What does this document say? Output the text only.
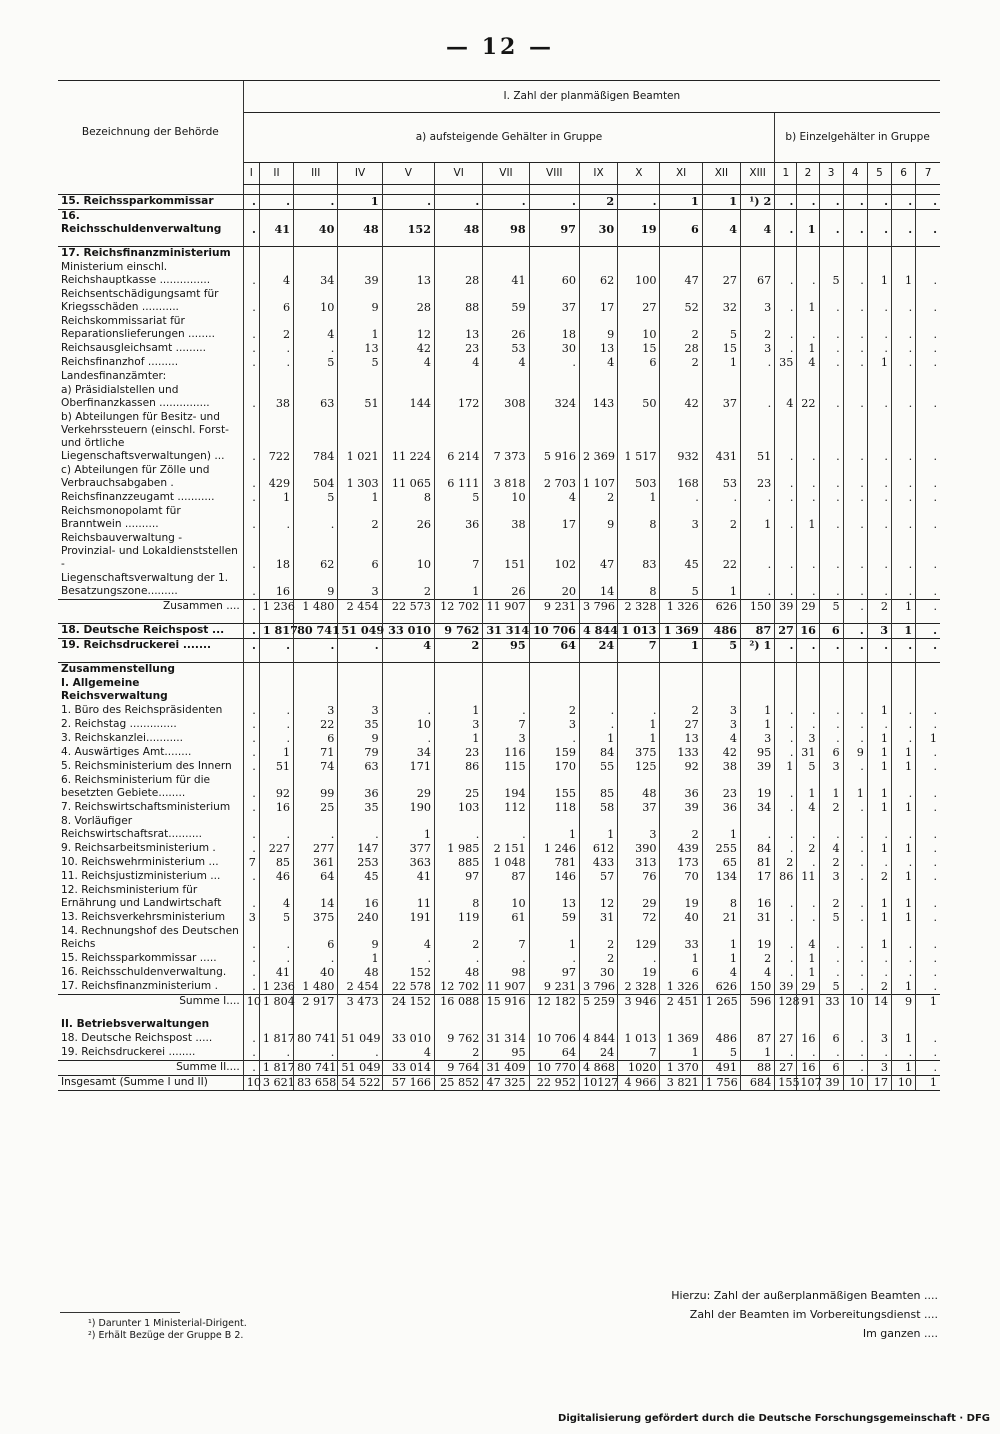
— 12 —
Bezeichnung der Behörde	I. Zahl der planmäßigen Beamten																			
	a) aufsteigende Gehälter in Gruppe													b) Einzelgehälter in Gruppe						
	I	II	III	IV	V	VI	VII	VIII	IX	X	XI	XII	XIII	1	2	3	4	5	6	7

15. Reichssparkommissar	.	.	.	1	.	.	.	.	2	.	1	1	¹) 2	.	.	.	.	.	.	.
16. Reichsschuldenverwaltung	.	41	40	48	152	48	98	97	30	19	6	4	4	.	1	.	.	.	.	.

17. Reichsfinanzministerium																				
Ministerium einschl. Reichshauptkasse ...............	.	4	34	39	13	28	41	60	62	100	47	27	67	.	.	5	.	1	1	.
Reichsentschädigungsamt für Kriegsschäden ...........	.	6	10	9	28	88	59	37	17	27	52	32	3	.	1	.	.	.	.	.
Reichskommissariat für Reparationslieferungen ........	.	2	4	1	12	13	26	18	9	10	2	5	2	.	.	.	.	.	.	.
Reichsausgleichsamt .........	.	.	.	13	42	23	53	30	13	15	28	15	3	.	1	.	.	.	.	.
Reichsfinanzhof .........	.	.	5	5	4	4	4	.	4	6	2	1	.	35	4	.	.	1	.	.
Landesfinanzämter:																				
a) Präsidialstellen und Oberfinanzkassen ...............	.	38	63	51	144	172	308	324	143	50	42	37	.	4	22	.	.	.	.	.
b) Abteilungen für Besitz- und Verkehrssteuern (einschl. Forst- und örtliche Liegenschaftsverwaltungen) ...	.	722	784	1 021	11 224	6 214	7 373	5 916	2 369	1 517	932	431	51	.	.	.	.	.	.	.
c) Abteilungen für Zölle und Verbrauchsabgaben .	.	429	504	1 303	11 065	6 111	3 818	2 703	1 107	503	168	53	23	.	.	.	.	.	.	.
Reichsfinanzzeugamt ...........	.	1	5	1	8	5	10	4	2	1	.	.	.	.	.	.	.	.	.	.
Reichsmonopolamt für Branntwein ..........	.	.	.	2	26	36	38	17	9	8	3	2	1	.	1	.	.	.	.	.
Reichsbauverwaltung - Provinzial- und Lokaldienststellen -	.	18	62	6	10	7	151	102	47	83	45	22	.	.	.	.	.	.	.	.
Liegenschaftsverwaltung der 1. Besatzungszone.........	.	16	9	3	2	1	26	20	14	8	5	1	.	.	.	.	.	.	.	.
Zusammen ....	.	1 236	1 480	2 454	22 573	12 702	11 907	9 231	3 796	2 328	1 326	626	150	39	29	5	.	2	1	.

18. Deutsche Reichspost ...	.	1 817	80 741	51 049	33 010	9 762	31 314	10 706	4 844	1 013	1 369	486	87	27	16	6	.	3	1	.
19. Reichsdruckerei .......	.	.	.	.	4	2	95	64	24	7	1	5	²) 1	.	.	.	.	.	.	.

Zusammenstellung																				
I. Allgemeine Reichsverwaltung																				
1. Büro des Reichspräsidenten	.	.	3	3	.	1	.	2	.	.	2	3	1	.	.	.	.	1	.	.
2. Reichstag ..............	.	.	22	35	10	3	7	3	.	1	27	3	1	.	.	.	.	.	.	.
3. Reichskanzlei...........	.	.	6	9	.	1	3	.	1	1	13	4	3	.	3	.	.	1	.	1
4. Auswärtiges Amt........	.	1	71	79	34	23	116	159	84	375	133	42	95	.	31	6	9	1	1	.
5. Reichsministerium des Innern	.	51	74	63	171	86	115	170	55	125	92	38	39	1	5	3	.	1	1	.
6. Reichsministerium für die besetzten Gebiete........	.	92	99	36	29	25	194	155	85	48	36	23	19	.	1	1	1	1	.	.
7. Reichswirtschaftsministerium	.	16	25	35	190	103	112	118	58	37	39	36	34	.	4	2	.	1	1	.
8. Vorläufiger Reichswirtschaftsrat..........	.	.	.	.	1	.	.	1	1	3	2	1	.	.	.	.	.	.	.	.
9. Reichsarbeitsministerium .	.	227	277	147	377	1 985	2 151	1 246	612	390	439	255	84	.	2	4	.	1	1	.
10. Reichswehrministerium ...	7	85	361	253	363	885	1 048	781	433	313	173	65	81	2	.	2	.	.	.	.
11. Reichsjustizministerium ...	.	46	64	45	41	97	87	146	57	76	70	134	17	86	11	3	.	2	1	.
12. Reichsministerium für Ernährung und Landwirtschaft	.	4	14	16	11	8	10	13	12	29	19	8	16	.	.	2	.	1	1	.
13. Reichsverkehrsministerium	3	5	375	240	191	119	61	59	31	72	40	21	31	.	.	5	.	1	1	.
14. Rechnungshof des Deutschen Reichs	.	.	6	9	4	2	7	1	2	129	33	1	19	.	4	.	.	1	.	.
15. Reichssparkommissar .....	.	.	.	1	.	.	.	.	2	.	1	1	2	.	1	.	.	.	.	.
16. Reichsschuldenverwaltung.	.	41	40	48	152	48	98	97	30	19	6	4	4	.	1	.	.	.	.	.
17. Reichsfinanzministerium .	.	1 236	1 480	2 454	22 578	12 702	11 907	9 231	3 796	2 328	1 326	626	150	39	29	5	.	2	1	.
Summe I....	10	1 804	2 917	3 473	24 152	16 088	15 916	12 182	5 259	3 946	2 451	1 265	596	128	91	33	10	14	9	1

II. Betriebsverwaltungen																				
18. Deutsche Reichspost .....	.	1 817	80 741	51 049	33 010	9 762	31 314	10 706	4 844	1 013	1 369	486	87	27	16	6	.	3	1	.
19. Reichsdruckerei ........	.	.	.	.	4	2	95	64	24	7	1	5	1	.	.	.	.	.	.	.
Summe II....	.	1 817	80 741	51 049	33 014	9 764	31 409	10 770	4 868	1020	1 370	491	88	27	16	6	.	3	1	.
Insgesamt (Summe I und II)	10	3 621	83 658	54 522	57 166	25 852	47 325	22 952	10127	4 966	3 821	1 756	684	155	107	39	10	17	10	1
Hierzu: Zahl der außerplanmäßigen Beamten ....
Zahl der Beamten im Vorbereitungsdienst ....
Im ganzen ....
¹) Darunter 1 Ministerial-Dirigent.
²) Erhält Bezüge der Gruppe B 2.
Digitalisierung gefördert durch die Deutsche Forschungsgemeinschaft · DFG
